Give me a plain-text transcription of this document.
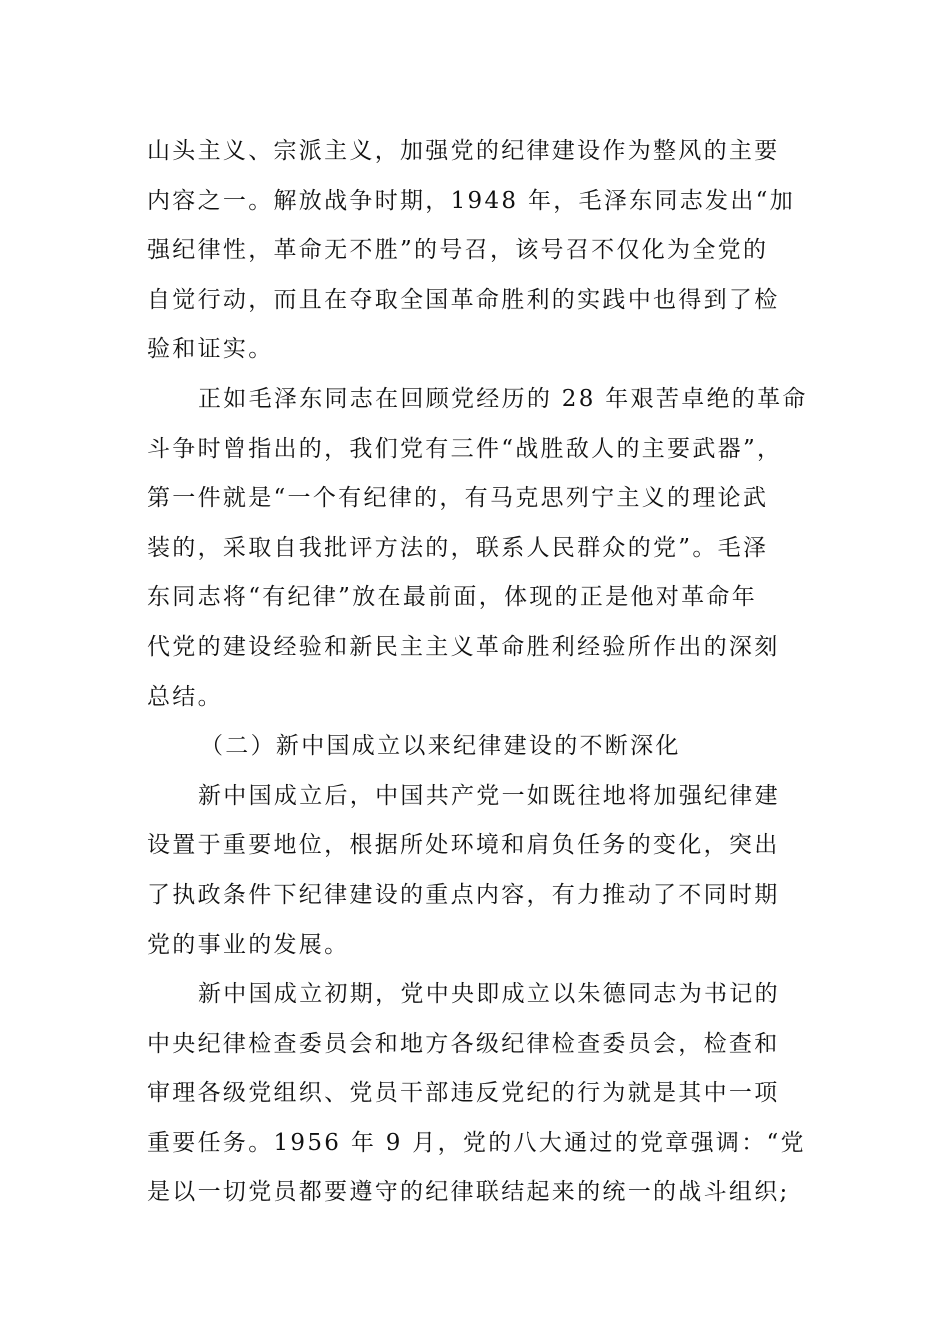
山头主义、宗派主义，加强党的纪律建设作为整风的主要
内容之一。解放战争时期，1948 年，毛泽东同志发出“加
强纪律性，革命无不胜”的号召，该号召不仅化为全党的
自觉行动，而且在夺取全国革命胜利的实践中也得到了检
验和证实。
正如毛泽东同志在回顾党经历的 28 年艰苦卓绝的革命
斗争时曾指出的，我们党有三件“战胜敌人的主要武器”，
第一件就是“一个有纪律的，有马克思列宁主义的理论武
装的，采取自我批评方法的，联系人民群众的党”。毛泽
东同志将“有纪律”放在最前面，体现的正是他对革命年
代党的建设经验和新民主主义革命胜利经验所作出的深刻
总结。
（二）新中国成立以来纪律建设的不断深化
新中国成立后，中国共产党一如既往地将加强纪律建
设置于重要地位，根据所处环境和肩负任务的变化，突出
了执政条件下纪律建设的重点内容，有力推动了不同时期
党的事业的发展。
新中国成立初期，党中央即成立以朱德同志为书记的
中央纪律检查委员会和地方各级纪律检查委员会，检查和
审理各级党组织、党员干部违反党纪的行为就是其中一项
重要任务。1956 年 9 月，党的八大通过的党章强调：“党
是以一切党员都要遵守的纪律联结起来的统一的战斗组织;
